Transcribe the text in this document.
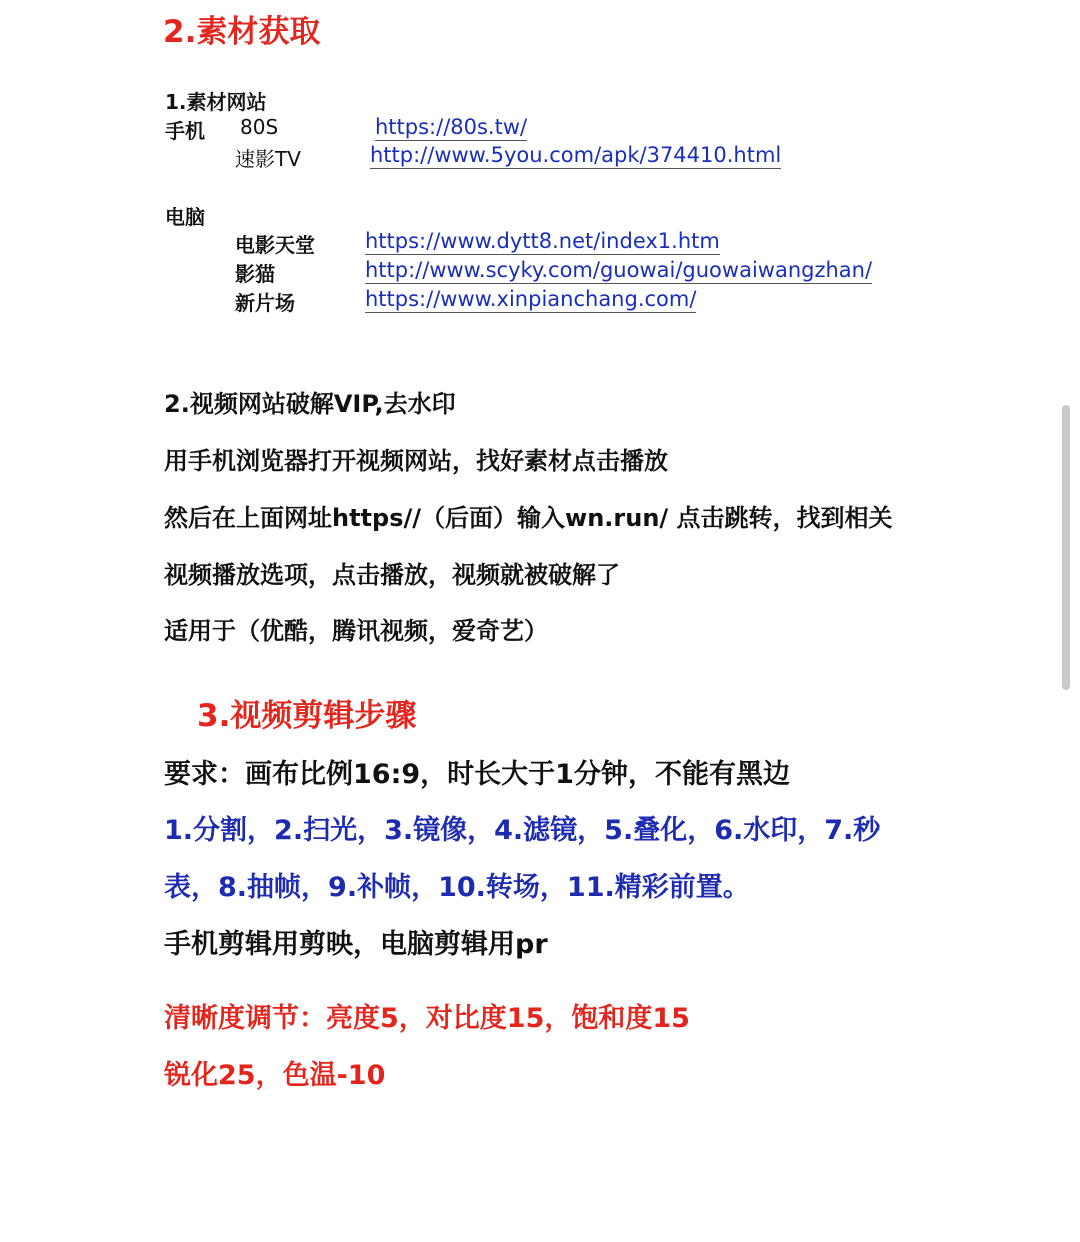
2.素材获取
1.素材网站
手机 80S	https://80s.tw/
速影TV	http://www.5you.com/apk/374410.html
电脑
电影天堂 https://www.dytt8.net/index1.htm
影猫	http://www.scyky.com/guowai/guowaiwangzhan/
新片场	https://www.xinpianchang.com/
2.视频网站破解VIP,去水印
用手机浏览器打开视频网站，找好素材点击播放
然后在上面网址https//（后面）输入wn.run/ 点击跳转，找到相关
视频播放选项，点击播放，视频就被破解了
适用于（优酷，腾讯视频，爱奇艺）
3.视频剪辑步骤
要求：画布比例16:9，时长大于1分钟，不能有黑边
1.分割，2.扫光，3.镜像，4.滤镜，5.叠化，6.水印，7.秒
表，8.抽帧，9.补帧，10.转场，11.精彩前置。
手机剪辑用剪映，电脑剪辑用pr
清晰度调节：亮度5，对比度15，饱和度15
锐化25，色温-10
